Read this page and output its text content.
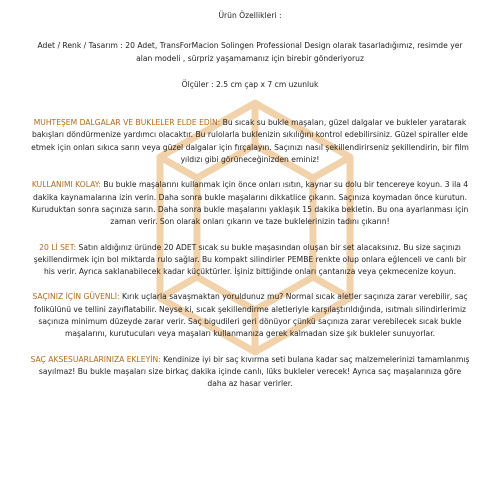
Ürün Özellikleri :

Adet / Renk / Tasarım : 20 Adet, TransForMacion Solingen Professional Design olarak tasarladığımız, resimde yer alan modeli , sürpriz yaşamamanız için birebir gönderiyoruz

Ölçüler : 2.5 cm çap x 7 cm uzunluk

MUHTEŞEM DALGALAR VE BUKLELER ELDE EDİN: Bu sıcak su bukle maşaları, güzel dalgalar ve bukleler yaratarak bakışları döndürmenize yardımcı olacaktır. Bu rulolarla buklenizin sıkılığını kontrol edebilirsiniz. Güzel spiraller elde etmek için onları sıkıca sarın veya güzel dalgalar için fırçalayın. Saçınızı nasıl şekillendirirseniz şekillendirin, bir film yıldızı gibi görüneceğinizden eminiz!

KULLANIMI KOLAY: Bu bukle maşalarını kullanmak için önce onları ısıtın, kaynar su dolu bir tencereye koyun. 3 ila 4 dakika kaynamalarına izin verin. Daha sonra bukle maşalarını dikkatlice çıkarın. Saçınıza koymadan önce kurutun. Kuruduktan sonra saçınıza sarın. Daha sonra bukle maşalarını yaklaşık 15 dakika bekletin. Bu ona ayarlanması için zaman verir. Son olarak onları çıkarın ve taze buklelerinizin tadını çıkarın!

20 Lİ SET: Satın aldığınız üründe 20 ADET sıcak su bukle maşasından oluşan bir set alacaksınız. Bu size saçınızı şekillendirmek için bol miktarda rulo sağlar. Bu kompakt silindirler PEMBE renkte olup onlara eğlenceli ve canlı bir his verir. Ayrıca saklanabilecek kadar küçüktürler. İşiniz bittiğinde onları çantanıza veya çekmecenize koyun.

SAÇINIZ İÇİN GÜVENLİ: Kırık uçlarla savaşmaktan yoruldunuz mu? Normal sıcak aletler saçınıza zarar verebilir, saç folikülünü ve tellini zayıflatabilir. Neyse ki, sıcak şekillendirme aletleriyle karşılaştırıldığında, ısıtmalı silindirlerimiz saçınıza minimum düzeyde zarar verir. Saç bigudileri geri dönüyor çünkü saçınıza zarar verebilecek sıcak bukle maşalarını, kurutucuları veya maşaları kullanmanıza gerek kalmadan size şık bukleler sunuyorlar.

SAÇ AKSESUARLARINIZA EKLEYİN: Kendinize iyi bir saç kıvırma seti bulana kadar saç malzemelerinizi tamamlanmış sayılmaz! Bu bukle maşaları size birkaç dakika içinde canlı, lüks bukleler verecek! Ayrıca saç maşalarınıza göre daha az hasar verirler.
